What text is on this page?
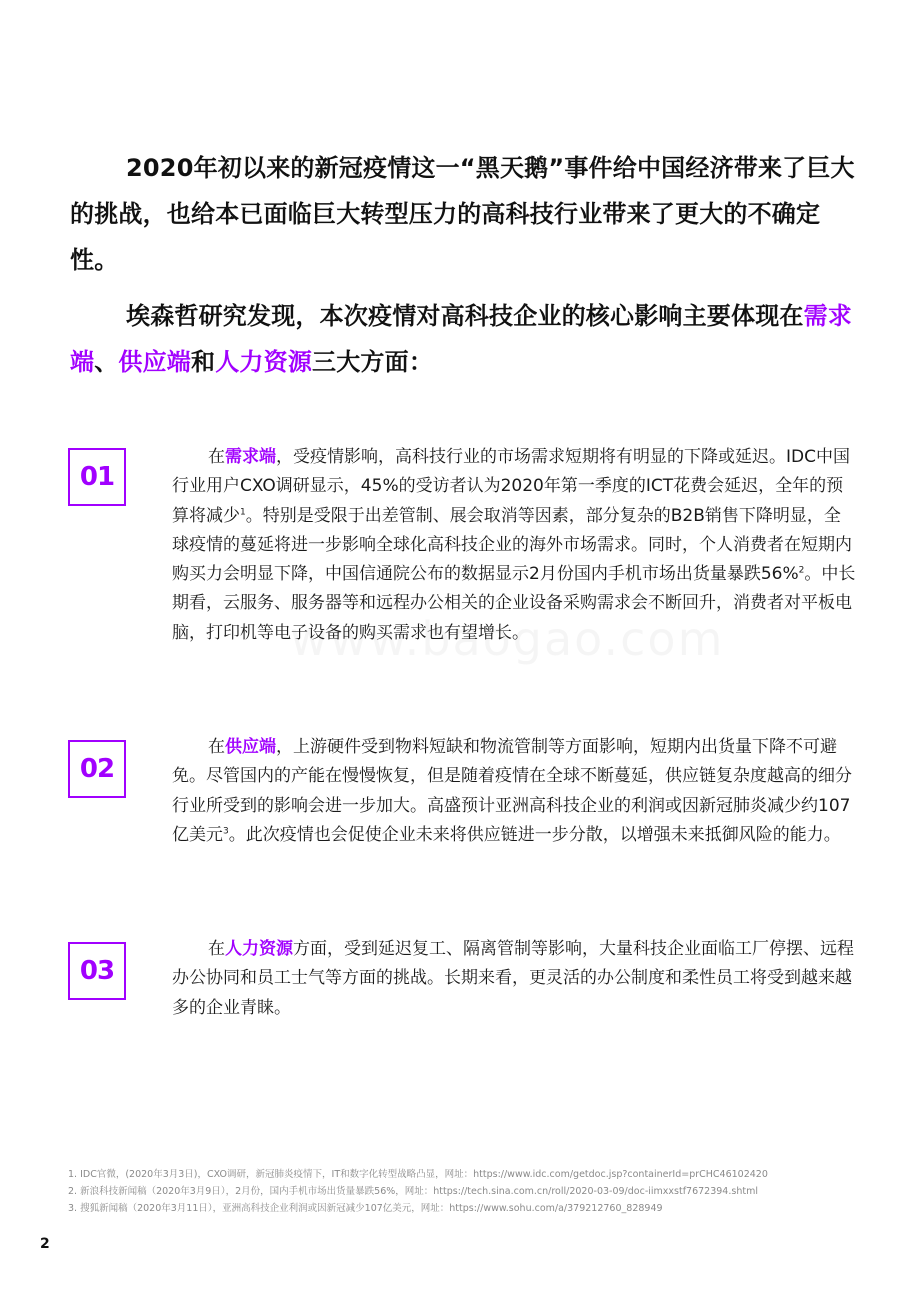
2020年初以来的新冠疫情这一“黑天鹅”事件给中国经济带来了巨大的挑战，也给本已面临巨大转型压力的高科技行业带来了更大的不确定性。

埃森哲研究发现，本次疫情对高科技企业的核心影响主要体现在需求端、供应端和人力资源三大方面：

01

在需求端，受疫情影响，高科技行业的市场需求短期将有明显的下降或延迟。IDC中国行业用户CXO调研显示，45%的受访者认为2020年第一季度的ICT花费会延迟，全年的预算将减少$^1$。特别是受限于出差管制、展会取消等因素，部分复杂的B2B销售下降明显，全球疫情的蔓延将进一步影响全球化高科技企业的海外市场需求。同时，个人消费者在短期内购买力会明显下降，中国信通院公布的数据显示2月份国内手机市场出货量暴跌56%$^2$。中长期看，云服务、服务器等和远程办公相关的企业设备采购需求会不断回升，消费者对平板电脑，打印机等电子设备的购买需求也有望增长。

02

在供应端，上游硬件受到物料短缺和物流管制等方面影响，短期内出货量下降不可避免。尽管国内的产能在慢慢恢复，但是随着疫情在全球不断蔓延，供应链复杂度越高的细分行业所受到的影响会进一步加大。高盛预计亚洲高科技企业的利润或因新冠肺炎减少约107亿美元$^3$。此次疫情也会促使企业未来将供应链进一步分散，以增强未来抵御风险的能力。

03

在人力资源方面，受到延迟复工、隔离管制等影响，大量科技企业面临工厂停摆、远程办公协同和员工士气等方面的挑战。长期来看，更灵活的办公制度和柔性员工将受到越来越多的企业青睐。

1. IDC官微，(2020年3月3日)，CXO调研，新冠肺炎疫情下，IT和数字化转型战略凸显，网址：https://www.idc.com/getdoc.jsp?containerId=prCHC46102420
2. 新浪科技新闻稿（2020年3月9日），2月份，国内手机市场出货量暴跌56%，网址：https://tech.sina.com.cn/roll/2020-03-09/doc-iimxxstf7672394.shtml
3. 搜狐新闻稿（2020年3月11日），亚洲高科技企业利润或因新冠减少107亿美元，网址：https://www.sohu.com/a/379212760_828949
2
